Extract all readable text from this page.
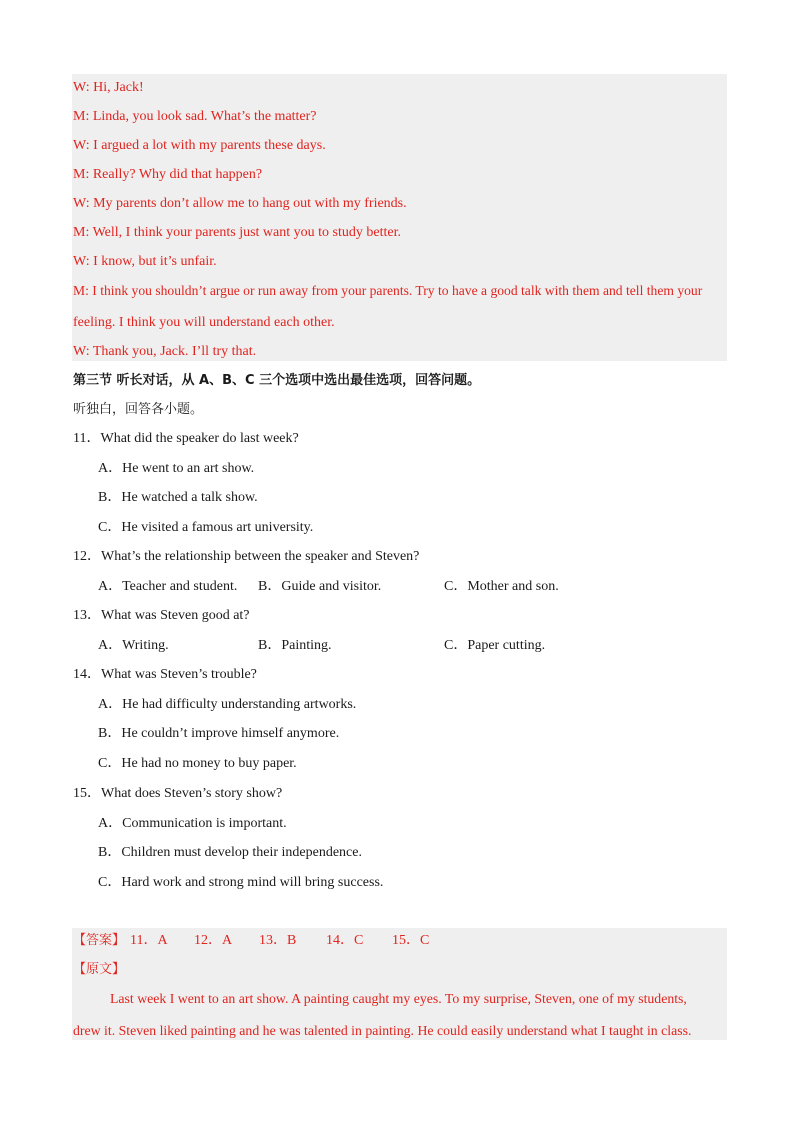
W: Hi, Jack!
M: Linda, you look sad. What’s the matter?
W: I argued a lot with my parents these days.
M: Really? Why did that happen?
W: My parents don’t allow me to hang out with my friends.
M: Well, I think your parents just want you to study better.
W: I know, but it’s unfair.
M: I think you shouldn’t argue or run away from your parents. Try to have a good talk with them and tell them your
feeling. I think you will understand each other.
W: Thank you, Jack. I’ll try that.
第三节 听长对话，从 A、B、C 三个选项中选出最佳选项，回答问题。
听独白，回答各小题。
11．What did the speaker do last week?
A．He went to an art show.
B．He watched a talk show.
C．He visited a famous art university.
12．What’s the relationship between the speaker and Steven?
A．Teacher and student. B．Guide and visitor.	C．Mother and son.
13．What was Steven good at?
A．Writing.	B．Painting.	C．Paper cutting.
14．What was Steven’s trouble?
A．He had difficulty understanding artworks.
B．He couldn’t improve himself anymore.
C．He had no money to buy paper.
15．What does Steven’s story show?
A．Communication is important.
B．Children must develop their independence.
C．Hard work and strong mind will bring success.
【答案】 11．A 12．A 13．B 14．C 15．C
【原文】
Last week I went to an art show. A painting caught my eyes. To my surprise, Steven, one of my students,
drew it. Steven liked painting and he was talented in painting. He could easily understand what I taught in class.
